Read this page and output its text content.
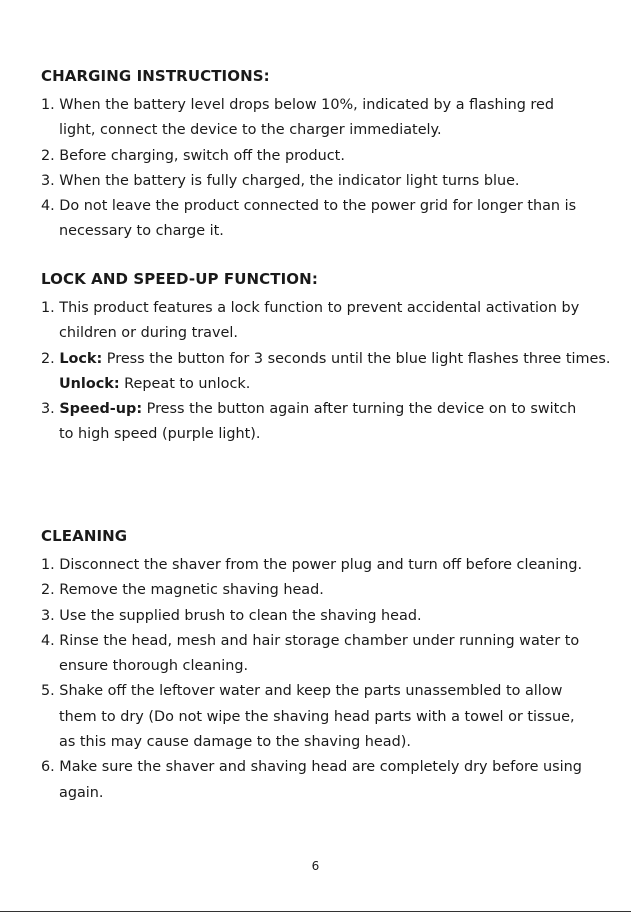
CHARGING INSTRUCTIONS:

1. When the battery level drops below 10%, indicated by a flashing red

light, connect the device to the charger immediately.

2. Before charging, switch off the product.

3. When the battery is fully charged, the indicator light turns blue.

4. Do not leave the product connected to the power grid for longer than is

necessary to charge it.

LOCK AND SPEED-UP FUNCTION:

1. This product features a lock function to prevent accidental activation by

children or during travel.

2. Lock: Press the button for 3 seconds until the blue light flashes three times.

Unlock: Repeat to unlock.

3. Speed-up: Press the button again after turning the device on to switch

to high speed (purple light).

CLEANING

1. Disconnect the shaver from the power plug and turn off before cleaning.

2. Remove the magnetic shaving head.

3. Use the supplied brush to clean the shaving head.

4. Rinse the head, mesh and hair storage chamber under running water to

ensure thorough cleaning.

5. Shake off the leftover water and keep the parts unassembled to allow

them to dry (Do not wipe the shaving head parts with a towel or tissue,

as this may cause damage to the shaving head).

6. Make sure the shaver and shaving head are completely dry before using

again.

6
